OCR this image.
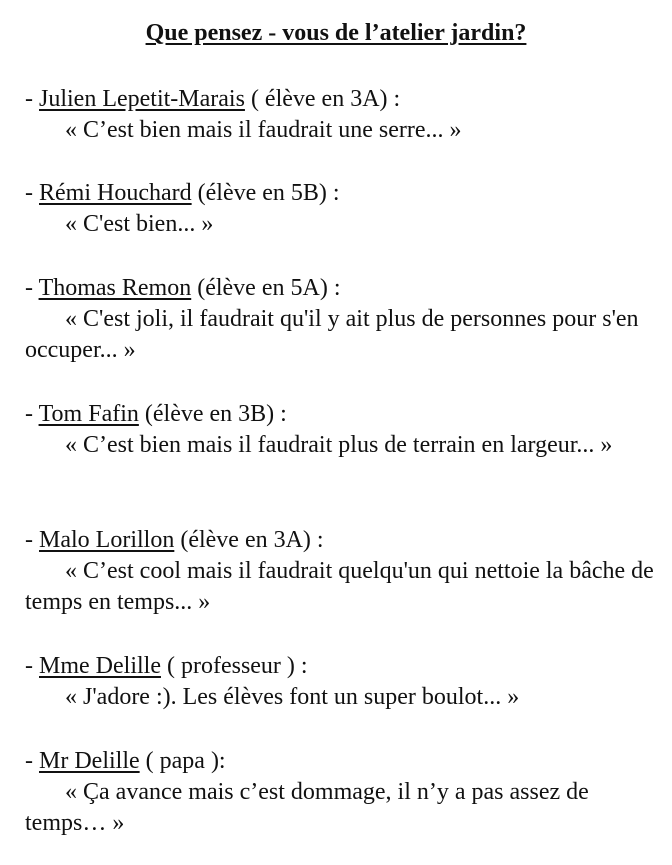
Que pensez - vous de l’atelier jardin?
- Julien Lepetit-Marais ( élève en 3A) :

« C’est bien mais il faudrait une serre... »

- Rémi Houchard (élève en 5B) :

« C'est bien... »

- Thomas Remon (élève en 5A) :

« C'est joli, il faudrait qu'il y ait plus de personnes pour s'en occuper... »

- Tom Fafin (élève en 3B) :

« C’est bien mais il faudrait plus de terrain en largeur... »

- Malo Lorillon (élève en 3A) :

« C’est cool mais il faudrait quelqu'un qui nettoie la bâche de temps en temps... »

- Mme Delille ( professeur ) :

« J'adore :). Les élèves font un super boulot... »

- Mr Delille ( papa ):

« Ça avance mais c’est dommage, il n’y a pas assez de temps… »
